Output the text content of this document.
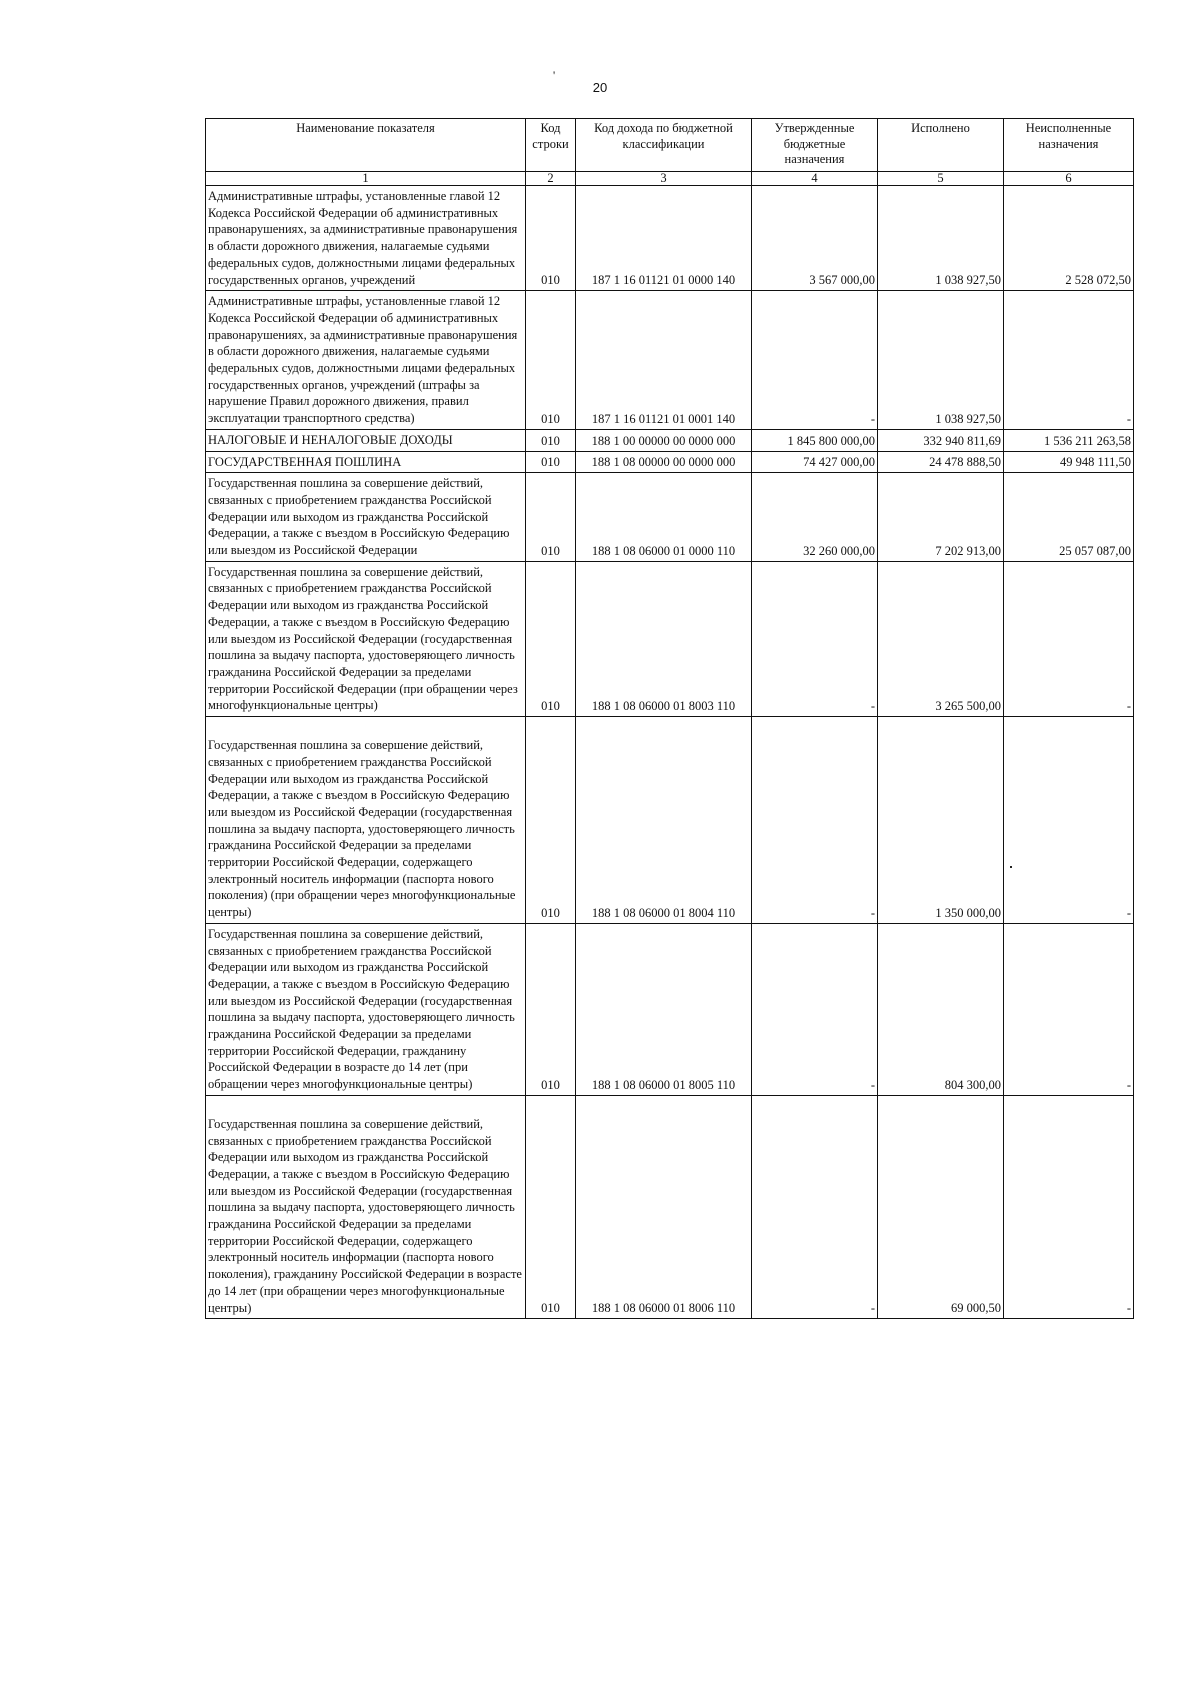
'
20
Наименование показателя	Код строки	Код дохода по бюджетной классификации	Утвержденные бюджетные назначения	Исполнено	Неисполненные назначения
1	2	3	4	5	6
Административные штрафы, установленные главой 12 Кодекса Российской Федерации об административных правонарушениях, за административные правонарушения в области дорожного движения, налагаемые судьями федеральных судов, должностными лицами федеральных государственных органов, учреждений	010	187 1 16 01121 01 0000 140	3 567 000,00	1 038 927,50	2 528 072,50
Административные штрафы, установленные главой 12 Кодекса Российской Федерации об административных правонарушениях, за административные правонарушения в области дорожного движения, налагаемые судьями федеральных судов, должностными лицами федеральных государственных органов, учреждений (штрафы за нарушение Правил дорожного движения, правил эксплуатации транспортного средства)	010	187 1 16 01121 01 0001 140	-	1 038 927,50	-
НАЛОГОВЫЕ И НЕНАЛОГОВЫЕ ДОХОДЫ	010	188 1 00 00000 00 0000 000	1 845 800 000,00	332 940 811,69	1 536 211 263,58
ГОСУДАРСТВЕННАЯ ПОШЛИНА	010	188 1 08 00000 00 0000 000	74 427 000,00	24 478 888,50	49 948 111,50
Государственная пошлина за совершение действий, связанных с приобретением гражданства Российской Федерации или выходом из гражданства Российской Федерации, а также с въездом в Российскую Федерацию или выездом из Российской Федерации	010	188 1 08 06000 01 0000 110	32 260 000,00	7 202 913,00	25 057 087,00
Государственная пошлина за совершение действий, связанных с приобретением гражданства Российской Федерации или выходом из гражданства Российской Федерации, а также с въездом в Российскую Федерацию или выездом из Российской Федерации (государственная пошлина за выдачу паспорта, удостоверяющего личность гражданина Российской Федерации за пределами территории Российской Федерации (при обращении через многофункциональные центры)	010	188 1 08 06000 01 8003 110	-	3 265 500,00	-
Государственная пошлина за совершение действий, связанных с приобретением гражданства Российской Федерации или выходом из гражданства Российской Федерации, а также с въездом в Российскую Федерацию или выездом из Российской Федерации (государственная пошлина за выдачу паспорта, удостоверяющего личность гражданина Российской Федерации за пределами территории Российской Федерации, содержащего электронный носитель информации (паспорта нового поколения) (при обращении через многофункциональные центры)	010	188 1 08 06000 01 8004 110	-	1 350 000,00	-
Государственная пошлина за совершение действий, связанных с приобретением гражданства Российской Федерации или выходом из гражданства Российской Федерации, а также с въездом в Российскую Федерацию или выездом из Российской Федерации (государственная пошлина за выдачу паспорта, удостоверяющего личность гражданина Российской Федерации за пределами территории Российской Федерации, гражданину Российской Федерации в возрасте до 14 лет (при обращении через многофункциональные центры)	010	188 1 08 06000 01 8005 110	-	804 300,00	-
Государственная пошлина за совершение действий, связанных с приобретением гражданства Российской Федерации или выходом из гражданства Российской Федерации, а также с въездом в Российскую Федерацию или выездом из Российской Федерации (государственная пошлина за выдачу паспорта, удостоверяющего личность гражданина Российской Федерации за пределами территории Российской Федерации, содержащего электронный носитель информации (паспорта нового поколения), гражданину Российской Федерации в возрасте до 14 лет (при обращении через многофункциональные центры)	010	188 1 08 06000 01 8006 110	-	69 000,50	-
